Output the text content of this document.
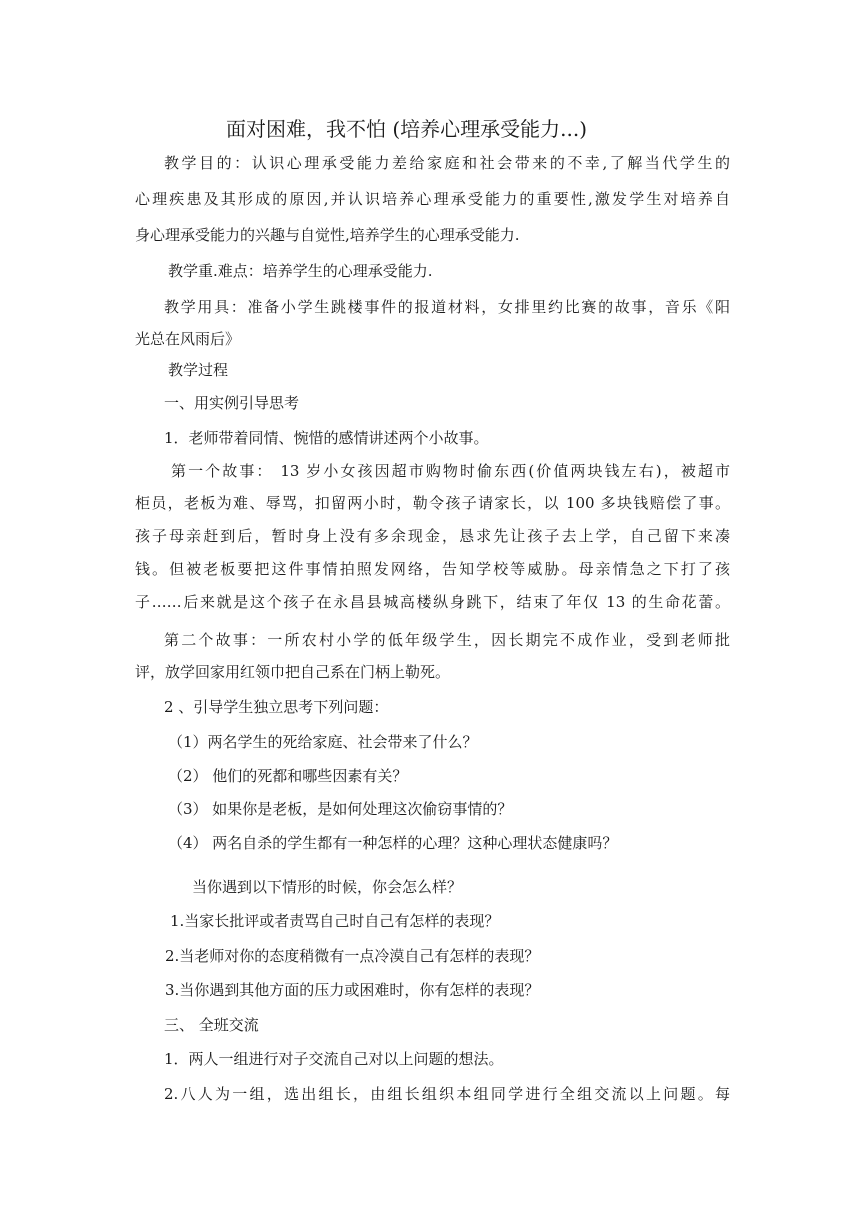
面对困难，我不怕 (培养心理承受能力...)
教学目的：认识心理承受能力差给家庭和社会带来的不幸,了解当代学生的
心理疾患及其形成的原因,并认识培养心理承受能力的重要性,激发学生对培养自
身心理承受能力的兴趣与自觉性,培养学生的心理承受能力.
教学重.难点：培养学生的心理承受能力.
教学用具：准备小学生跳楼事件的报道材料，女排里约比赛的故事，音乐《阳
光总在风雨后》
教学过程
一、用实例引导思考
1．老师带着同情、惋惜的感情讲述两个小故事。
第一个故事： 13 岁小女孩因超市购物时偷东西(价值两块钱左右)，被超市
柜员，老板为难、辱骂，扣留两小时，勒令孩子请家长，以 100 多块钱赔偿了事。
孩子母亲赶到后，暂时身上没有多余现金，恳求先让孩子去上学，自己留下来凑
钱。但被老板要把这件事情拍照发网络，告知学校等威胁。母亲情急之下打了孩
子……后来就是这个孩子在永昌县城高楼纵身跳下，结束了年仅 13 的生命花蕾。
第二个故事：一所农村小学的低年级学生，因长期完不成作业，受到老师批
评，放学回家用红领巾把自己系在门柄上勒死。
2 、引导学生独立思考下列问题：
（1）两名学生的死给家庭、社会带来了什么？
（2） 他们的死都和哪些因素有关？
（3） 如果你是老板，是如何处理这次偷窃事情的？
（4） 两名自杀的学生都有一种怎样的心理？这种心理状态健康吗？
当你遇到以下情形的时候，你会怎么样？
1.当家长批评或者责骂自己时自己有怎样的表现？
2.当老师对你的态度稍微有一点冷漠自己有怎样的表现？
3.当你遇到其他方面的压力或困难时，你有怎样的表现？
三、 全班交流
1．两人一组进行对子交流自己对以上问题的想法。
2.八人为一组，选出组长，由组长组织本组同学进行全组交流以上问题。每
